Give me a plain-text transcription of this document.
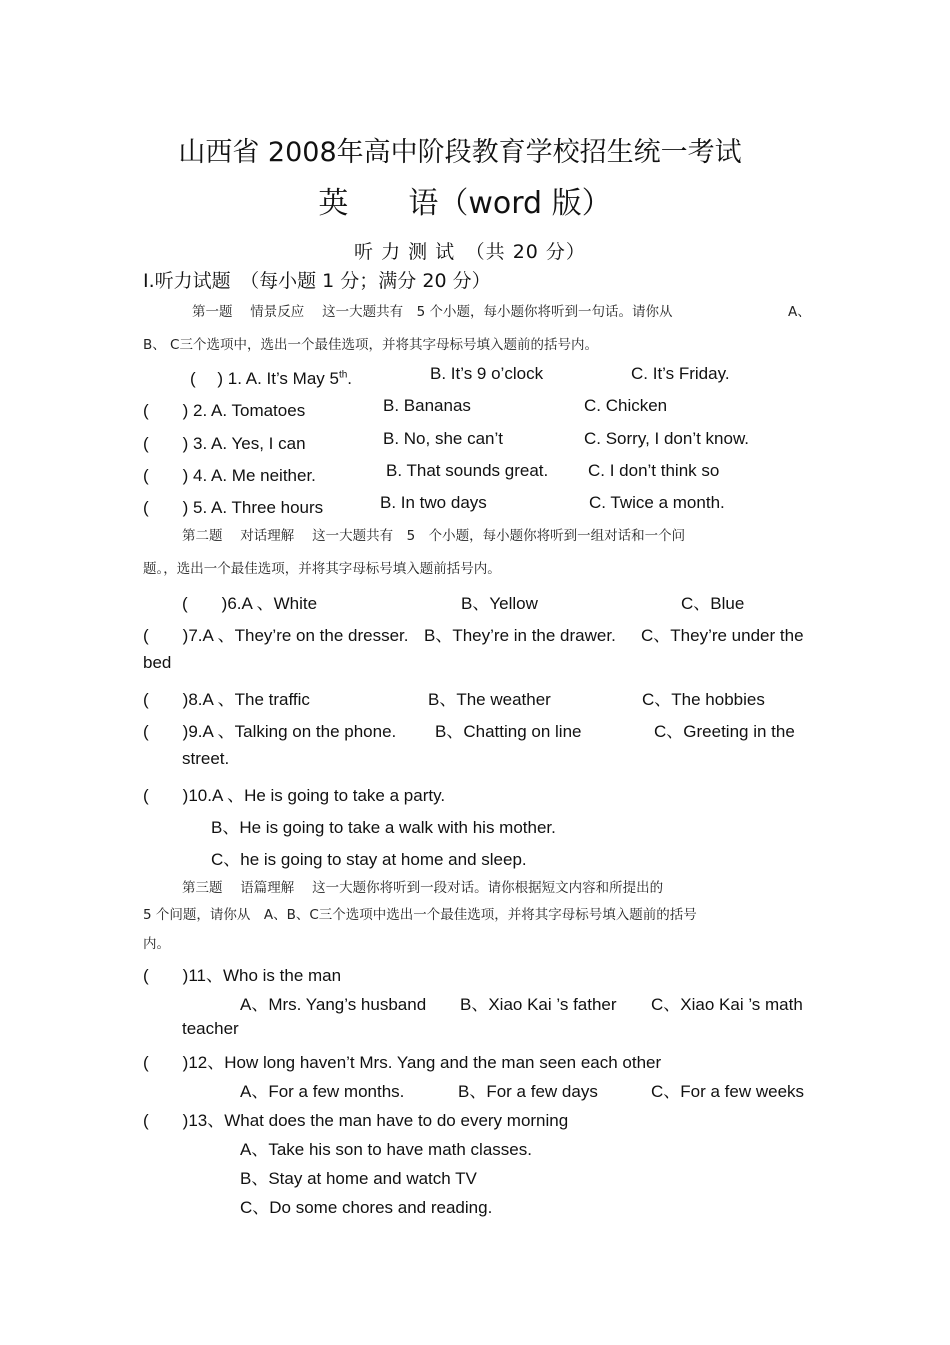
山西省 2008年高中阶段教育学校招生统一考试
英　　语（word 版）
听 力 测 试　（共 20 分）
Ⅰ.听力试题　（每小题 1 分；满分 20 分）
第一题　 情景反应　 这一大题共有　5 个小题，每小题你将听到一句话。请你从	A、
B、 C三个选项中，选出一个最佳选项，并将其字母标号填入题前的括号内。
(　 ) 1. A. It’s May 5th.	B. It’s 9 o’clock	C. It’s Friday.
(　　) 2. A. Tomatoes	B. Bananas	C. Chicken
(　　) 3. A. Yes, I can	B. No, she can’t	C. Sorry, I don’t know.
(　　) 4. A. Me neither.	B. That sounds great. C. I don’t think so
(　　) 5. A. Three hours	B. In two days	C. Twice a month.
第二题　 对话理解　 这一大题共有　5　个小题，每小题你将听到一组对话和一个问
题。，选出一个最佳选项，并将其字母标号填入题前括号内。
(　　)6.A 、White	B、Yellow	C、Blue
(　　)7.A 、They’re on the dresser. B、They’re in the drawer. C、They’re under the
bed
(　　)8.A 、The traffic	B、The weather	C、The hobbies
(　　)9.A 、Talking on the phone. B、Chatting on line	C、Greeting in the
street.
(　　)10.A 、He is going to take a party.
B、He is going to take a walk with his mother.
C、he is going to stay at home and sleep.
第三题　 语篇理解　 这一大题你将听到一段对话。请你根据短文内容和所提出的
5 个问题，请你从　A、B、C三个选项中选出一个最佳选项，并将其字母标号填入题前的括号
内。
(　　)11、Who is the man
A、Mrs. Yang’s husband B、Xiao Kai ’s father C、Xiao Kai ’s math
teacher
(　　)12、How long haven’t Mrs. Yang and the man seen each other
A、For a few months.	B、For a few days	C、For a few weeks
(　　)13、What does the man have to do every morning
A、Take his son to have math classes.
B、Stay at home and watch TV
C、Do some chores and reading.
